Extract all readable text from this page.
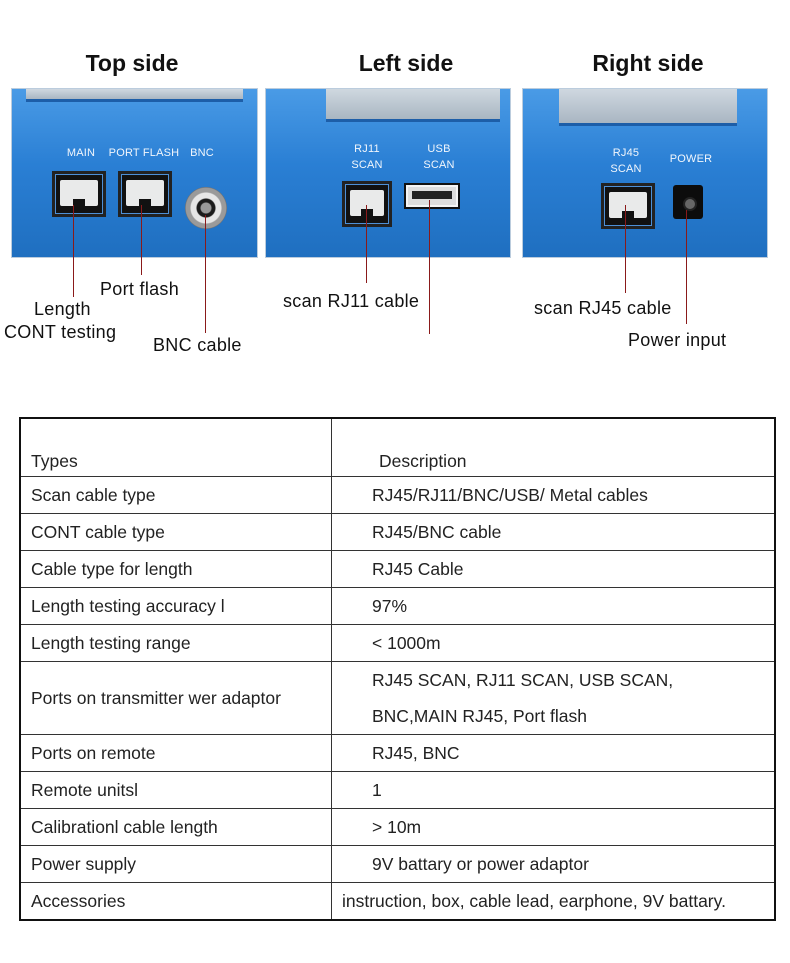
Top side	Left side	Right side
MAIN	PORT FLASH BNC	RJ11
SCAN
USB
SCAN
RJ45
SCAN
POWER
Length
CONT testing
Port flash
BNC cable
scan RJ11 cable	scan RJ45 cable
Power input
Types	Description
Scan cable type	RJ45/RJ11/BNC/USB/ Metal cables

CONT cable type	RJ45/BNC cable

Cable type for length	RJ45 Cable

Length testing accuracy l	97%

Length testing range	< 1000m

Ports on transmitter wer adaptor	RJ45 SCAN, RJ11 SCAN, USB SCAN,
BNC,MAIN RJ45, Port flash

Ports on remote	RJ45, BNC

Remote unitsl	1

Calibrationl cable length	> 10m

Power supply	9V battary or power adaptor

Accessories	instruction, box, cable lead, earphone, 9V battary.
